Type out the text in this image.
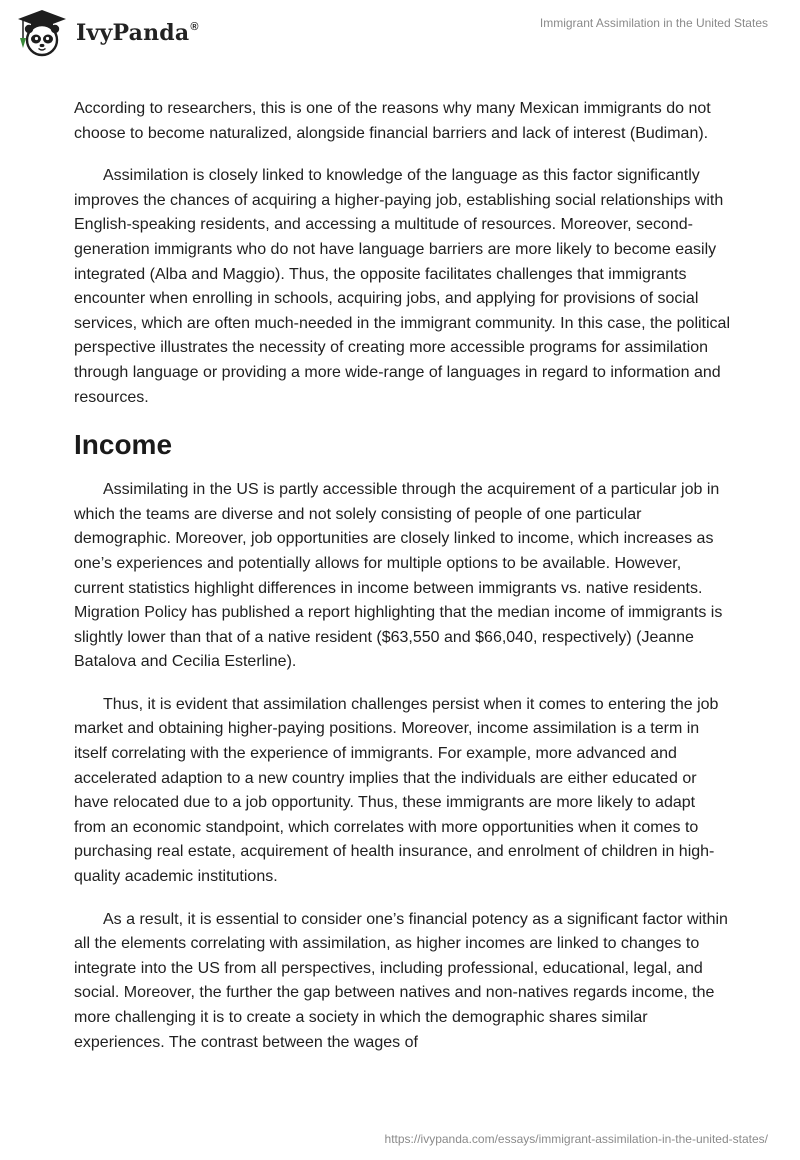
IvyPanda®	Immigrant Assimilation in the United States

According to researchers, this is one of the reasons why many Mexican immigrants do not choose to become naturalized, alongside financial barriers and lack of interest (Budiman).

Assimilation is closely linked to knowledge of the language as this factor significantly improves the chances of acquiring a higher-paying job, establishing social relationships with English-speaking residents, and accessing a multitude of resources. Moreover, second-generation immigrants who do not have language barriers are more likely to become easily integrated (Alba and Maggio). Thus, the opposite facilitates challenges that immigrants encounter when enrolling in schools, acquiring jobs, and applying for provisions of social services, which are often much-needed in the immigrant community. In this case, the political perspective illustrates the necessity of creating more accessible programs for assimilation through language or providing a more wide-range of languages in regard to information and resources.

Income

Assimilating in the US is partly accessible through the acquirement of a particular job in which the teams are diverse and not solely consisting of people of one particular demographic. Moreover, job opportunities are closely linked to income, which increases as one’s experiences and potentially allows for multiple options to be available. However, current statistics highlight differences in income between immigrants vs. native residents. Migration Policy has published a report highlighting that the median income of immigrants is slightly lower than that of a native resident ($63,550 and $66,040, respectively) (Jeanne Batalova and Cecilia Esterline).

Thus, it is evident that assimilation challenges persist when it comes to entering the job market and obtaining higher-paying positions. Moreover, income assimilation is a term in itself correlating with the experience of immigrants. For example, more advanced and accelerated adaption to a new country implies that the individuals are either educated or have relocated due to a job opportunity. Thus, these immigrants are more likely to adapt from an economic standpoint, which correlates with more opportunities when it comes to purchasing real estate, acquirement of health insurance, and enrolment of children in high-quality academic institutions.

As a result, it is essential to consider one’s financial potency as a significant factor within all the elements correlating with assimilation, as higher incomes are linked to changes to integrate into the US from all perspectives, including professional, educational, legal, and social. Moreover, the further the gap between natives and non-natives regards income, the more challenging it is to create a society in which the demographic shares similar experiences. The contrast between the wages of

https://ivypanda.com/essays/immigrant-assimilation-in-the-united-states/
